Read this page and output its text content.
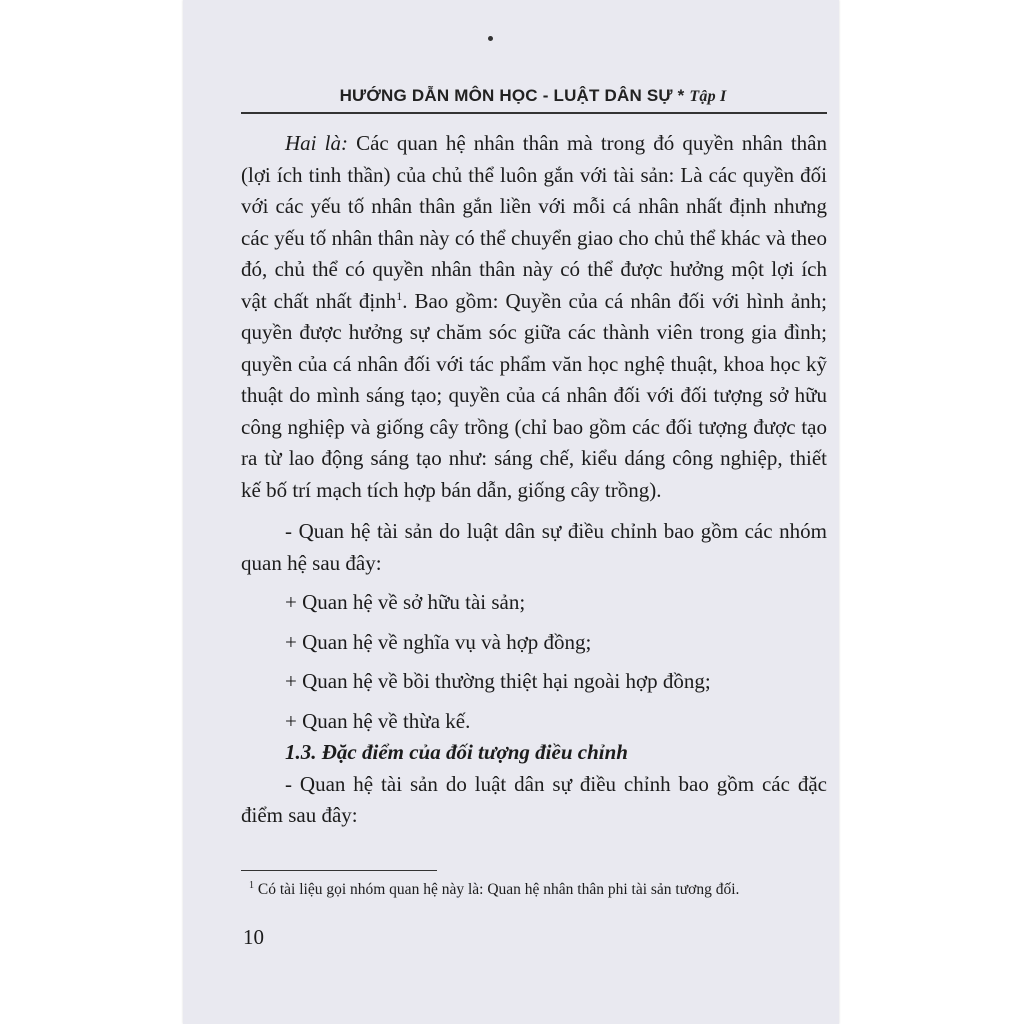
HƯỚNG DẪN MÔN HỌC - LUẬT DÂN SỰ * Tập I

Hai là: Các quan hệ nhân thân mà trong đó quyền nhân thân (lợi ích tinh thần) của chủ thể luôn gắn với tài sản: Là các quyền đối với các yếu tố nhân thân gắn liền với mỗi cá nhân nhất định nhưng các yếu tố nhân thân này có thể chuyển giao cho chủ thể khác và theo đó, chủ thể có quyền nhân thân này có thể được hưởng một lợi ích vật chất nhất định$^1$. Bao gồm: Quyền của cá nhân đối với hình ảnh; quyền được hưởng sự chăm sóc giữa các thành viên trong gia đình; quyền của cá nhân đối với tác phẩm văn học nghệ thuật, khoa học kỹ thuật do mình sáng tạo; quyền của cá nhân đối với đối tượng sở hữu công nghiệp và giống cây trồng (chỉ bao gồm các đối tượng được tạo ra từ lao động sáng tạo như: sáng chế, kiểu dáng công nghiệp, thiết kế bố trí mạch tích hợp bán dẫn, giống cây trồng).

- Quan hệ tài sản do luật dân sự điều chỉnh bao gồm các nhóm quan hệ sau đây:

+ Quan hệ về sở hữu tài sản;

+ Quan hệ về nghĩa vụ và hợp đồng;

+ Quan hệ về bồi thường thiệt hại ngoài hợp đồng;

+ Quan hệ về thừa kế.

1.3. Đặc điểm của đối tượng điều chỉnh

- Quan hệ tài sản do luật dân sự điều chỉnh bao gồm các đặc điểm sau đây:

$^1$ Có tài liệu gọi nhóm quan hệ này là: Quan hệ nhân thân phi tài sản tương đối.
10
